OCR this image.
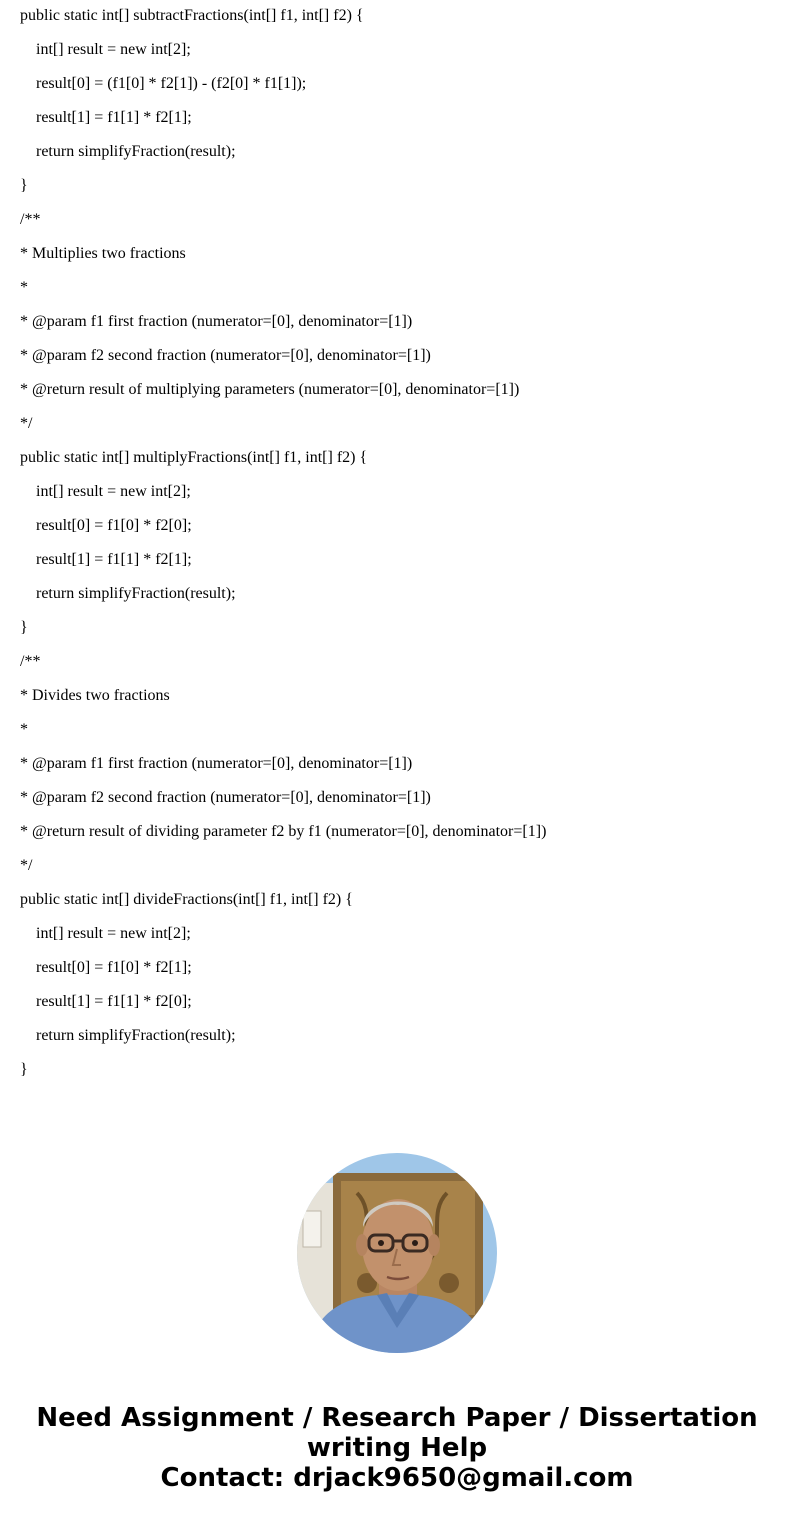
public static int[] subtractFractions(int[] f1, int[] f2) {
int[] result = new int[2];
result[0] = (f1[0] * f2[1]) - (f2[0] * f1[1]);
result[1] = f1[1] * f2[1];
return simplifyFraction(result);
}
/**
* Multiplies two fractions
*
* @param f1 first fraction (numerator=[0], denominator=[1])
* @param f2 second fraction (numerator=[0], denominator=[1])
* @return result of multiplying parameters (numerator=[0], denominator=[1])
*/
public static int[] multiplyFractions(int[] f1, int[] f2) {
int[] result = new int[2];
result[0] = f1[0] * f2[0];
result[1] = f1[1] * f2[1];
return simplifyFraction(result);
}
/**
* Divides two fractions
*
* @param f1 first fraction (numerator=[0], denominator=[1])
* @param f2 second fraction (numerator=[0], denominator=[1])
* @return result of dividing parameter f2 by f1 (numerator=[0], denominator=[1])
*/
public static int[] divideFractions(int[] f1, int[] f2) {
int[] result = new int[2];
result[0] = f1[0] * f2[1];
result[1] = f1[1] * f2[0];
return simplifyFraction(result);
}
Need Assignment / Research Paper / Dissertation
writing Help
Contact: drjack9650@gmail.com
